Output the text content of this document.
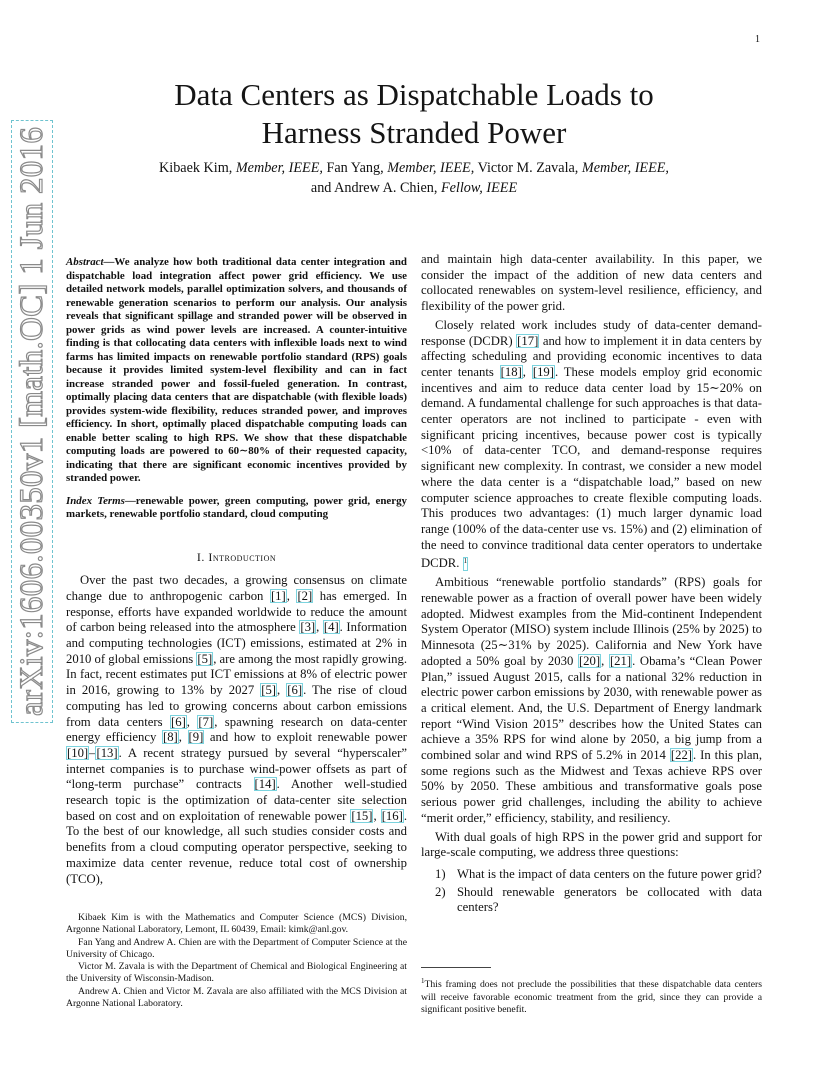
1
arXiv:1606.00350v1 [math.OC] 1 Jun 2016
Data Centers as Dispatchable Loads to
Harness Stranded Power
Kibaek Kim, Member, IEEE, Fan Yang, Member, IEEE, Victor M. Zavala, Member, IEEE,
and Andrew A. Chien, Fellow, IEEE

Abstract—We analyze how both traditional data center integration and dispatchable load integration affect power grid efficiency. We use detailed network models, parallel optimization solvers, and thousands of renewable generation scenarios to perform our analysis. Our analysis reveals that significant spillage and stranded power will be observed in power grids as wind power levels are increased. A counter-intuitive finding is that collocating data centers with inflexible loads next to wind farms has limited impacts on renewable portfolio standard (RPS) goals because it provides limited system-level flexibility and can in fact increase stranded power and fossil-fueled generation. In contrast, optimally placing data centers that are dispatchable (with flexible loads) provides system-wide flexibility, reduces stranded power, and improves efficiency. In short, optimally placed dispatchable computing loads can enable better scaling to high RPS. We show that these dispatchable computing loads are powered to 60∼80% of their requested capacity, indicating that there are significant economic incentives provided by stranded power.

Index Terms—renewable power, green computing, power grid, energy markets, renewable portfolio standard, cloud computing

I. Introduction

Over the past two decades, a growing consensus on climate change due to anthropogenic carbon [1], [2] has emerged. In response, efforts have expanded worldwide to reduce the amount of carbon being released into the atmosphere [3], [4]. Information and computing technologies (ICT) emissions, estimated at 2% in 2010 of global emissions [5], are among the most rapidly growing. In fact, recent estimates put ICT emissions at 8% of electric power in 2016, growing to 13% by 2027 [5], [6]. The rise of cloud computing has led to growing concerns about carbon emissions from data centers [6], [7], spawning research on data-center energy efficiency [8], [9] and how to exploit renewable power [10]–[13]. A recent strategy pursued by several “hyperscaler” internet companies is to purchase wind-power offsets as part of “long-term purchase” contracts [14]. Another well-studied research topic is the optimization of data-center site selection based on cost and on exploitation of renewable power [15], [16]. To the best of our knowledge, all such studies consider costs and benefits from a cloud computing operator perspective, seeking to maximize data center revenue, reduce total cost of ownership (TCO),

Kibaek Kim is with the Mathematics and Computer Science (MCS) Division, Argonne National Laboratory, Lemont, IL 60439, Email: kimk@anl.gov.

Fan Yang and Andrew A. Chien are with the Department of Computer Science at the University of Chicago.

Victor M. Zavala is with the Department of Chemical and Biological Engineering at the University of Wisconsin-Madison.

Andrew A. Chien and Victor M. Zavala are also affiliated with the MCS Division at Argonne National Laboratory.

and maintain high data-center availability. In this paper, we consider the impact of the addition of new data centers and collocated renewables on system-level resilience, efficiency, and flexibility of the power grid.

Closely related work includes study of data-center demand-response (DCDR) [17] and how to implement it in data centers by affecting scheduling and providing economic incentives to data center tenants [18], [19]. These models employ grid economic incentives and aim to reduce data center load by 15∼20% on demand. A fundamental challenge for such approaches is that data-center operators are not inclined to participate - even with significant pricing incentives, because power cost is typically <10% of data-center TCO, and demand-response requires significant new complexity. In contrast, we consider a new model where the data center is a “dispatchable load,” based on new computer science approaches to create flexible computing loads. This produces two advantages: (1) much larger dynamic load range (100% of the data-center use vs. 15%) and (2) elimination of the need to convince traditional data center operators to undertake DCDR. $^1$

Ambitious “renewable portfolio standards” (RPS) goals for renewable power as a fraction of overall power have been widely adopted. Midwest examples from the Mid-continent Independent System Operator (MISO) system include Illinois (25% by 2025) to Minnesota (25∼31% by 2025). California and New York have adopted a 50% goal by 2030 [20], [21]. Obama’s “Clean Power Plan,” issued August 2015, calls for a national 32% reduction in electric power carbon emissions by 2030, with renewable power as a critical element. And, the U.S. Department of Energy landmark report “Wind Vision 2015” describes how the United States can achieve a 35% RPS for wind alone by 2050, a big jump from a combined solar and wind RPS of 5.2% in 2014 [22]. In this plan, some regions such as the Midwest and Texas achieve RPS over 50% by 2050. These ambitious and transformative goals pose serious power grid challenges, including the ability to achieve “merit order,” efficiency, stability, and resiliency.

With dual goals of high RPS in the power grid and support for large-scale computing, we address three questions:

1) What is the impact of data centers on the future power grid?
2) Should renewable generators be collocated with data centers?
$^1$This framing does not preclude the possibilities that these dispatchable data centers will receive favorable economic treatment from the grid, since they can provide a significant positive benefit.
